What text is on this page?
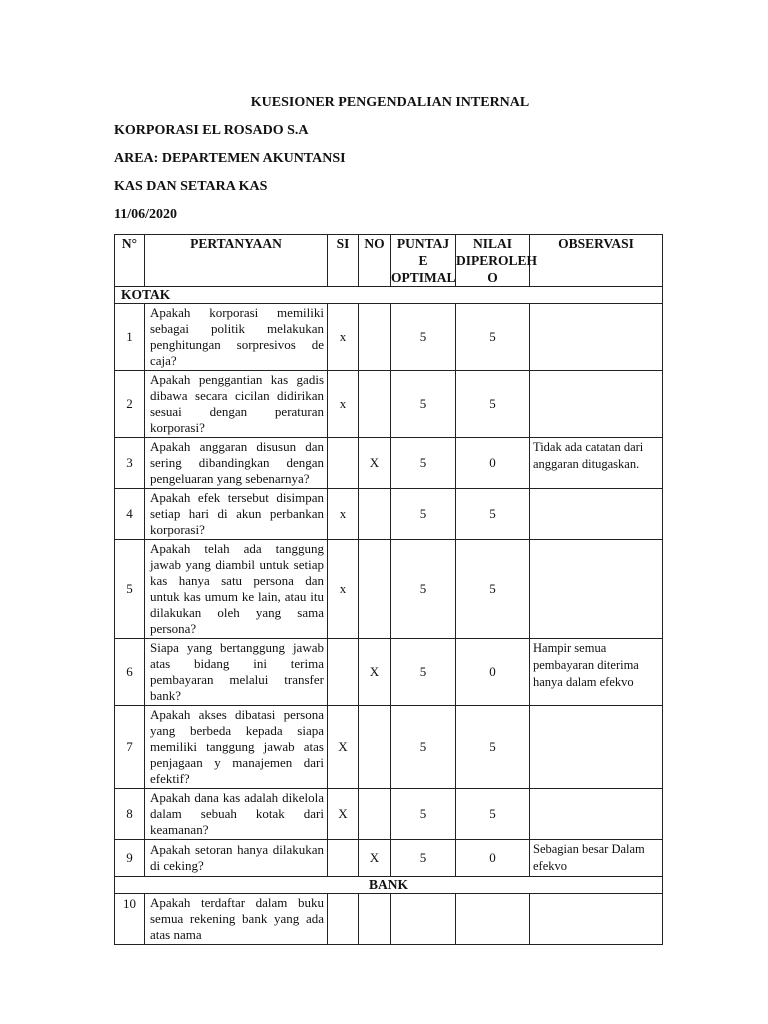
KUESIONER PENGENDALIAN INTERNAL
KORPORASI EL ROSADO S.A
AREA: DEPARTEMEN AKUNTANSI
KAS DAN SETARA KAS
11/06/2020
N°	PERTANYAAN	SI	NO	PUNTAJ E OPTIMAL	NILAI DIPEROLEH O	OBSERVASI
KOTAK						
1	Apakah korporasi memiliki sebagai politik melakukan penghitungan sorpresivos de caja?	x		5	5	
2	Apakah penggantian kas gadis dibawa secara cicilan didirikan sesuai dengan peraturan korporasi?	x		5	5	
3	Apakah anggaran disusun dan sering dibandingkan dengan pengeluaran yang sebenarnya?		X	5	0	Tidak ada catatan dari anggaran ditugaskan.
4	Apakah efek tersebut disimpan setiap hari di akun perbankan korporasi?	x		5	5	
5	Apakah telah ada tanggung jawab yang diambil untuk setiap kas hanya satu persona dan untuk kas umum ke lain, atau itu dilakukan oleh yang sama persona?	x		5	5	
6	Siapa yang bertanggung jawab atas bidang ini terima pembayaran melalui transfer bank?		X	5	0	Hampir semua pembayaran diterima hanya dalam efekvo
7	Apakah akses dibatasi persona yang berbeda kepada siapa memiliki tanggung jawab atas penjagaan y manajemen dari efektif?	X		5	5	
8	Apakah dana kas adalah dikelola dalam sebuah kotak dari keamanan?	X		5	5	
9	Apakah setoran hanya dilakukan di ceking?		X	5	0	Sebagian besar Dalam efekvo
BANK						
10	Apakah terdaftar dalam buku semua rekening bank yang ada atas nama					
